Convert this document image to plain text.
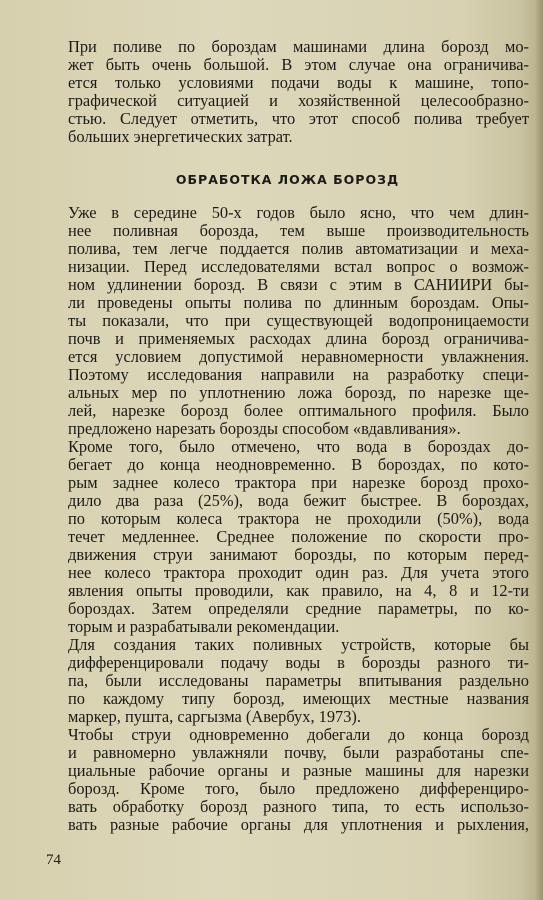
При поливе по бороздам машинами длина борозд мо-
жет быть очень большой. В этом случае она ограничива-
ется только условиями подачи воды к машине, топо-
графической ситуацией и хозяйственной целесообразно-
стью. Следует отметить, что этот способ полива требует
больших энергетических затрат.

ОБРАБОТКА ЛОЖА БОРОЗД

Уже в середине 50-х годов было ясно, что чем длин-
нее поливная борозда, тем выше производительность
полива, тем легче поддается полив автоматизации и меха-
низации. Перед исследователями встал вопрос о возмож-
ном удлинении борозд. В связи с этим в САНИИРИ бы-
ли проведены опыты полива по длинным бороздам. Опы-
ты показали, что при существующей водопроницаемости
почв и применяемых расходах длина борозд ограничива-
ется условием допустимой неравномерности увлажнения.
Поэтому исследования направили на разработку специ-
альных мер по уплотнению ложа борозд, по нарезке ще-
лей, нарезке борозд более оптимального профиля. Было
предложено нарезать борозды способом «вдавливания».

Кроме того, было отмечено, что вода в бороздах до-
бегает до конца неодновременно. В бороздах, по кото-
рым заднее колесо трактора при нарезке борозд прохо-
дило два раза (25%), вода бежит быстрее. В бороздах,
по которым колеса трактора не проходили (50%), вода
течет медленнее. Среднее положение по скорости про-
движения струи занимают борозды, по которым перед-
нее колесо трактора проходит один раз. Для учета этого
явления опыты проводили, как правило, на 4, 8 и 12-ти
бороздах. Затем определяли средние параметры, по ко-
торым и разрабатывали рекомендации.

Для создания таких поливных устройств, которые бы
дифференцировали подачу воды в борозды разного ти-
па, были исследованы параметры впитывания раздельно
по каждому типу борозд, имеющих местные названия
маркер, пушта, саргызма (Авербух, 1973).

Чтобы струи одновременно добегали до конца борозд
и равномерно увлажняли почву, были разработаны спе-
циальные рабочие органы и разные машины для нарезки
борозд. Кроме того, было предложено дифференциро-
вать обработку борозд разного типа, то есть использо-
вать разные рабочие органы для уплотнения и рыхления,

74
